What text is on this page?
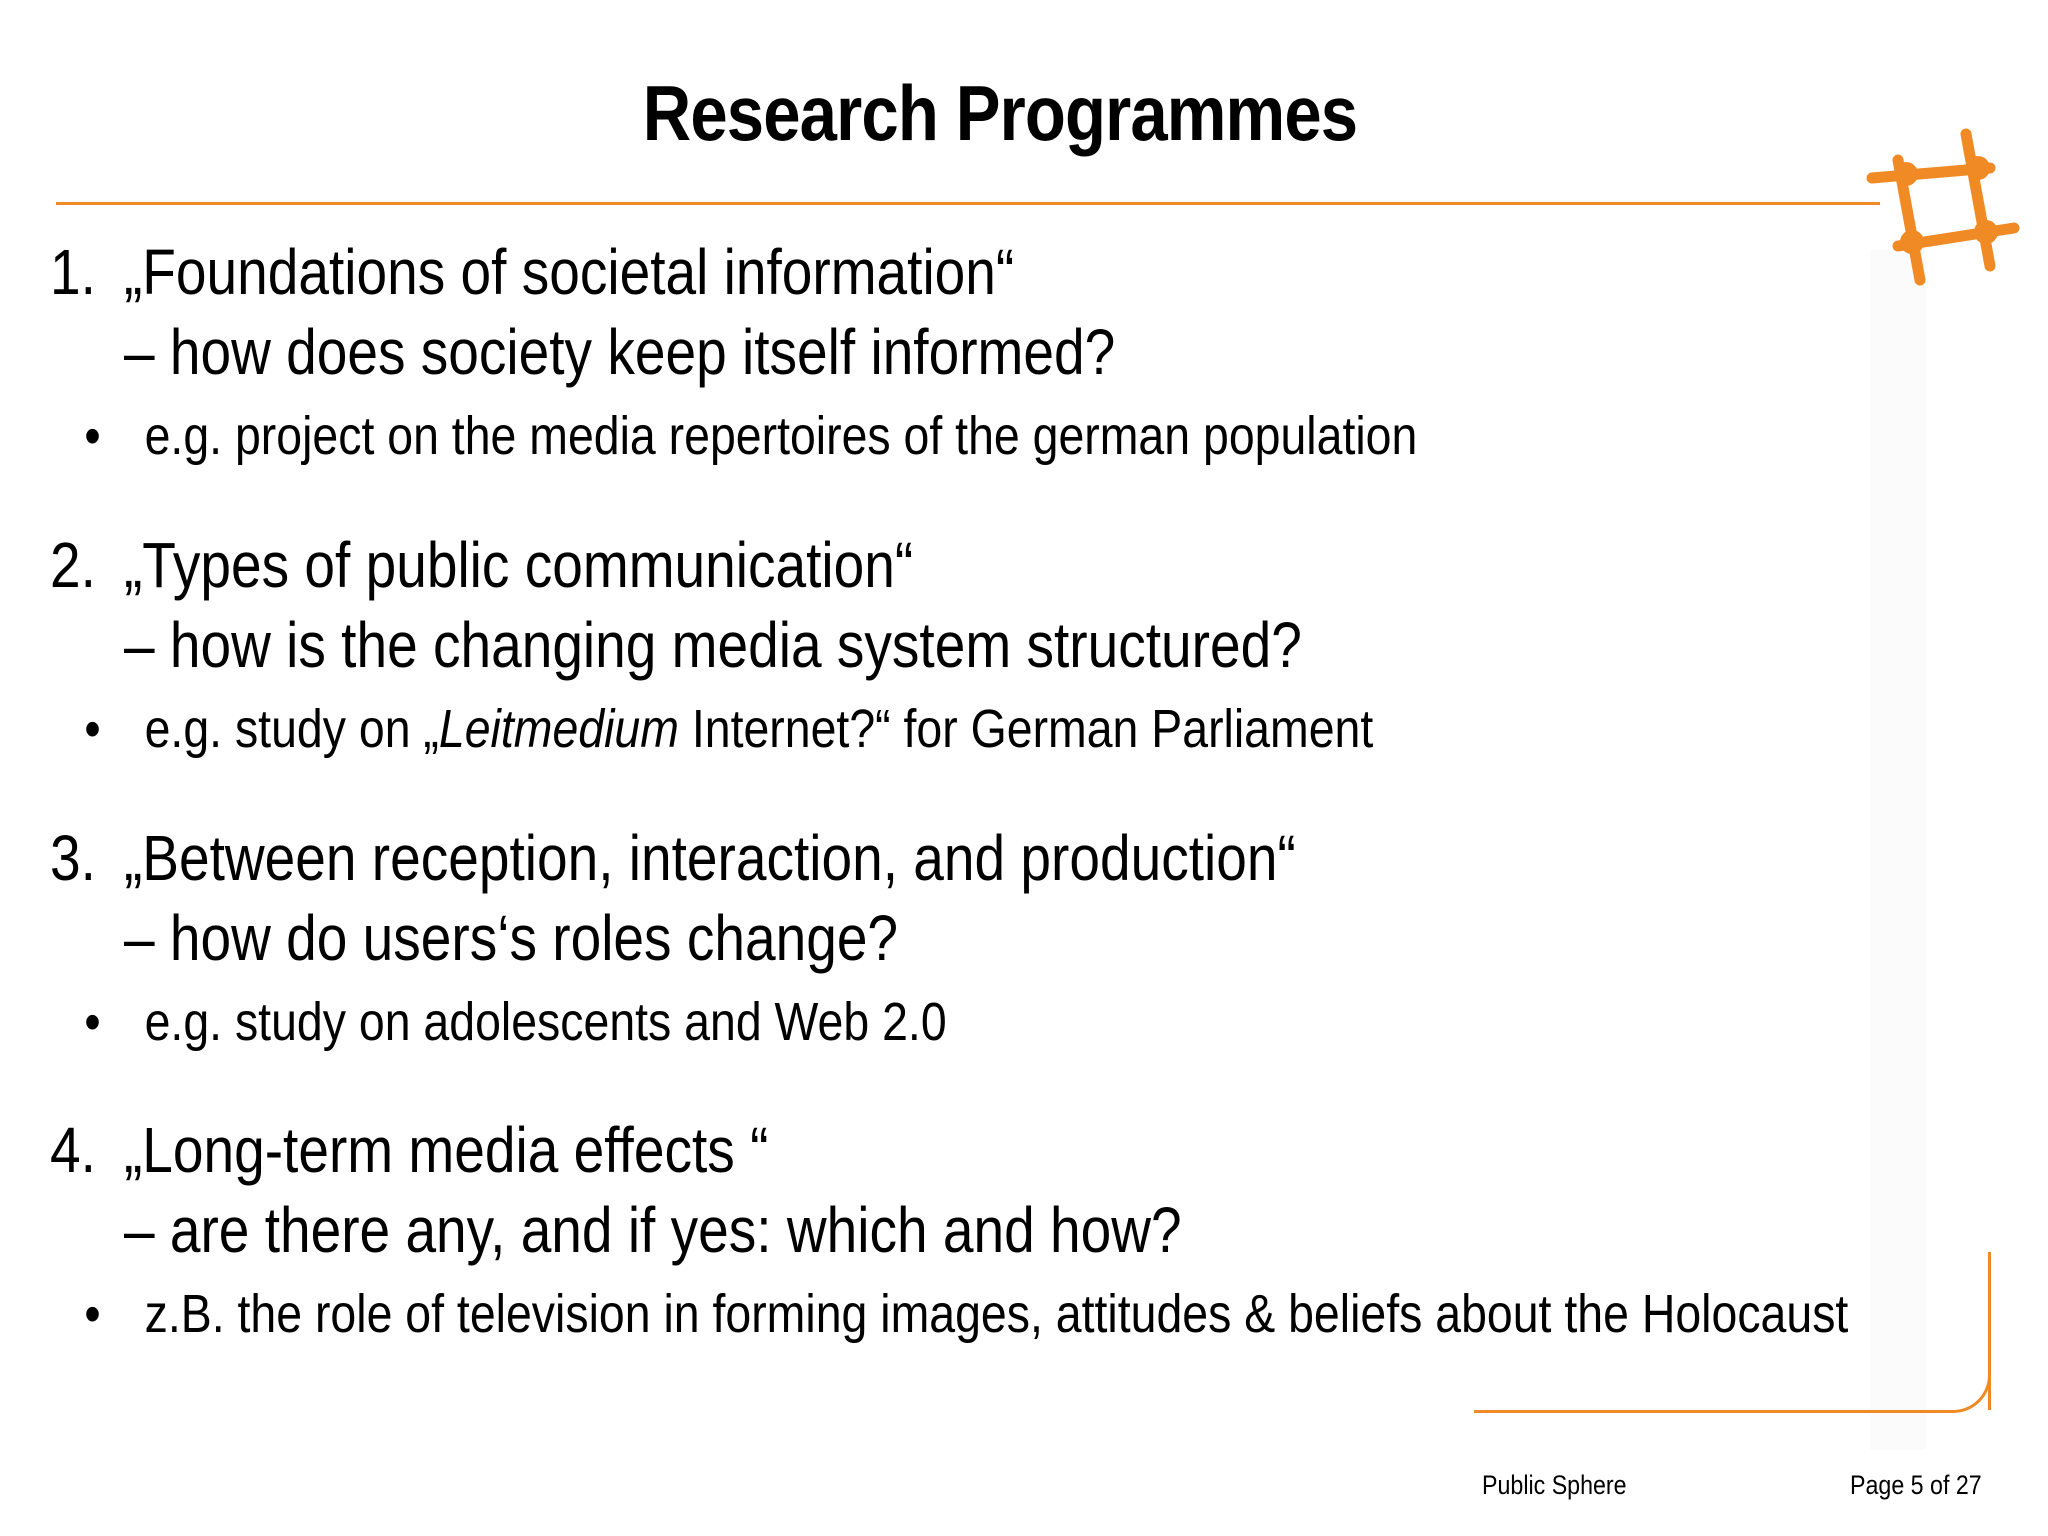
Research Programmes
1. „Foundations of societal information“
– how does society keep itself informed?
• e.g. project on the media repertoires of the german population
2. „Types of public communication“
– how is the changing media system structured?
• e.g. study on „Leitmedium Internet?“ for German Parliament
3. „Between reception, interaction, and production“
– how do users‘s roles change?
• e.g. study on adolescents and Web 2.0
4. „Long-term media effects “
– are there any, and if yes: which and how?
• z.B. the role of television in forming images, attitudes & beliefs about the Holocaust
Public Sphere	Page 5 of 27
